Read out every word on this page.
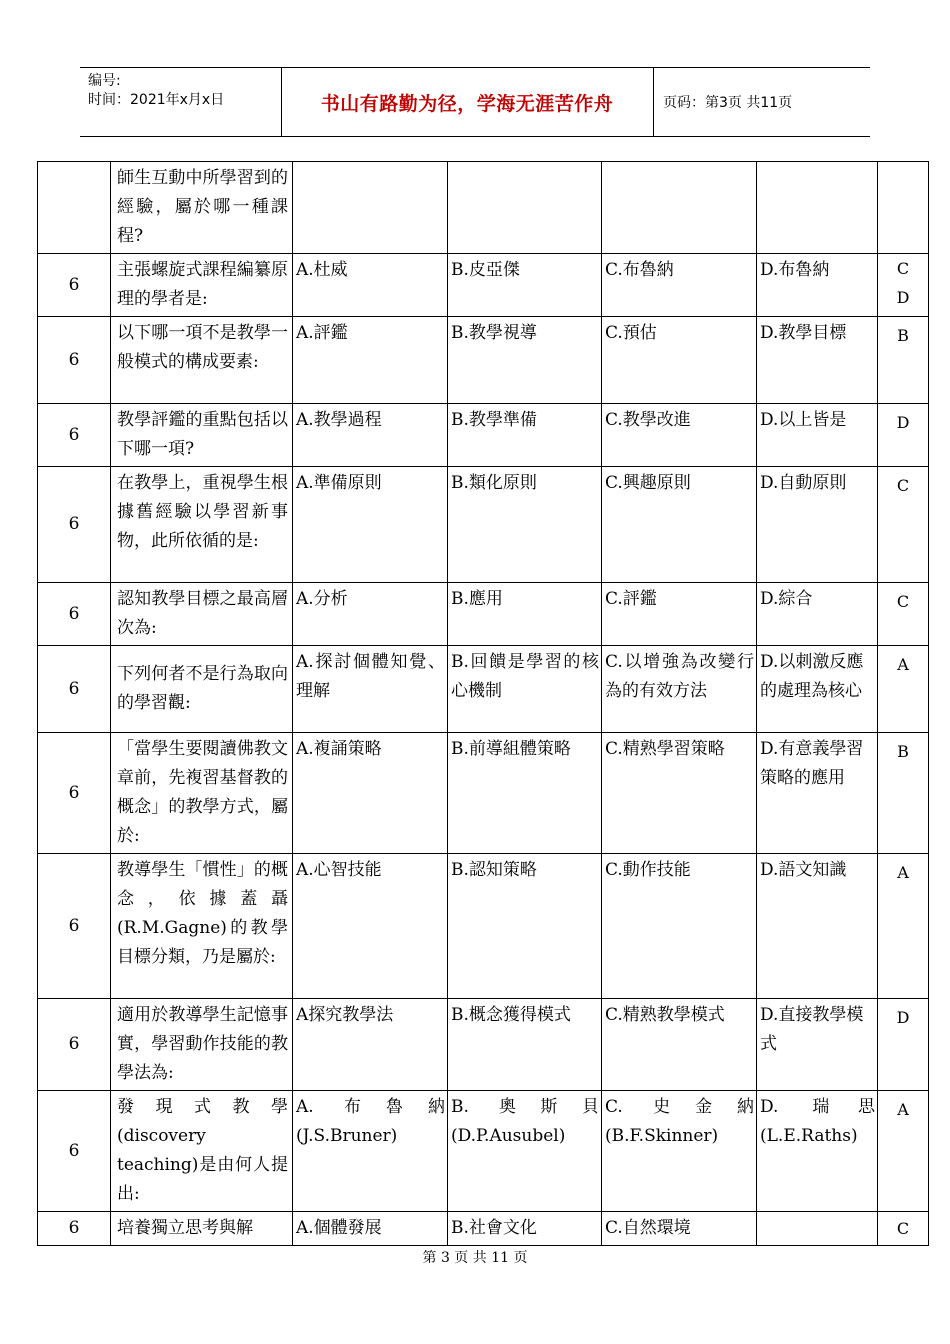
编号:
时间：2021年x月x日	书山有路勤为径，学海无涯苦作舟	页码：第3页 共11页
	師生互動中所學習到的經驗，屬於哪一種課程?					
6	主張螺旋式課程編纂原理的學者是:	A.杜威	B.皮亞傑	C.布魯納	D.布魯納	C D
6	以下哪一項不是教學一般模式的構成要素:	A.評鑑	B.教學視導	C.預估	D.教學目標	B
6	教學評鑑的重點包括以下哪一項?	A.教學過程	B.教學準備	C.教學改進	D.以上皆是	D
6	在教學上，重視學生根據舊經驗以學習新事物，此所依循的是:	A.準備原則	B.類化原則	C.興趣原則	D.自動原則	C
6	認知教學目標之最高層次為:	A.分析	B.應用	C.評鑑	D.綜合	C
6	下列何者不是行為取向的學習觀:	A.探討個體知覺、理解	B.回饋是學習的核心機制	C.以增強為改變行為的有效方法	D.以刺激反應的處理為核心	A
6	「當學生要閱讀佛教文章前，先複習基督教的概念」的教學方式，屬於:	A.複誦策略	B.前導組體策略	C.精熟學習策略	D.有意義學習策略的應用	B
6	教導學生「慣性」的概念，依據蓋聶(R.M.Gagne)的教學目標分類，乃是屬於:	A.心智技能	B.認知策略	C.動作技能	D.語文知識	A
6	適用於教導學生記憶事實，學習動作技能的教學法為:	A探究教學法	B.概念獲得模式	C.精熟教學模式	D.直接教學模式	D
6	發現式教學(discovery teaching)是由何人提出:	A. 布魯納(J.S.Bruner)	B. 奧斯貝(D.P.Ausubel)	C. 史金納(B.F.Skinner)	D. 瑞思(L.E.Raths)	A
6	培養獨立思考與解	A.個體發展	B.社會文化	C.自然環境		C
第 3 页 共 11 页
